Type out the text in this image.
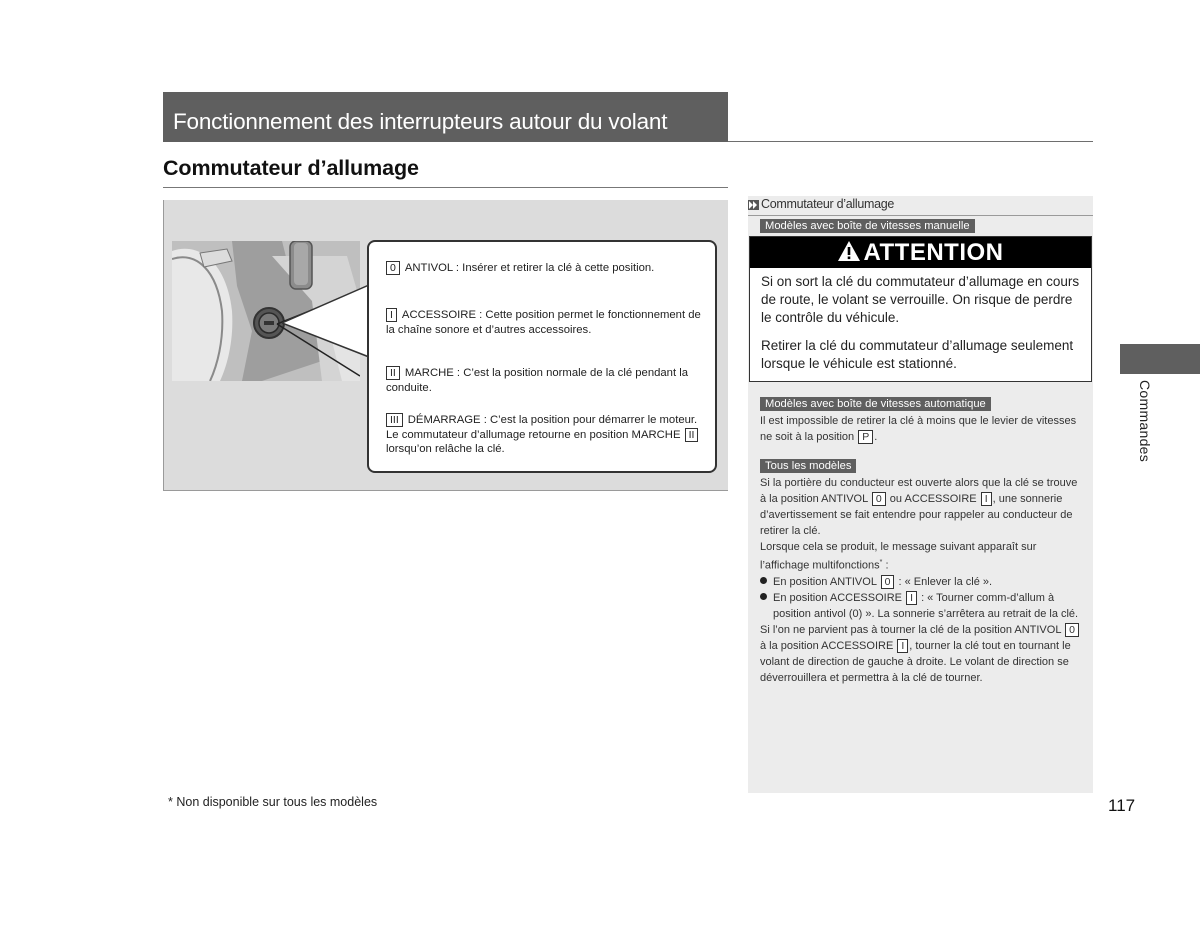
Fonctionnement des interrupteurs autour du volant
Commutateur d’allumage
0 ANTIVOL : Insérer et retirer la clé à cette position.
I ACCESSOIRE : Cette position permet le fonctionnement de la chaîne sonore et d’autres accessoires.
II MARCHE : C’est la position normale de la clé pendant la conduite.
III DÉMARRAGE : C’est la position pour démarrer le moteur. Le commutateur d’allumage retourne en position MARCHE II lorsqu’on relâche la clé.
Commutateur d’allumage
Modèles avec boîte de vitesses manuelle
ATTENTION
Si on sort la clé du commutateur d’allumage en cours de route, le volant se verrouille. On risque de perdre le contrôle du véhicule.
Retirer la clé du commutateur d’allumage seulement lorsque le véhicule est stationné.
Modèles avec boîte de vitesses automatique
Il est impossible de retirer la clé à moins que le levier de vitesses ne soit à la position P .
Tous les modèles

Si la portière du conducteur est ouverte alors que la clé se trouve à la position ANTIVOL 0 ou ACCESSOIRE I , une sonnerie d’avertissement se fait entendre pour rappeler au conducteur de retirer la clé.

Lorsque cela se produit, le message suivant apparaît sur l’affichage multifonctions* :

En position ANTIVOL 0 : « Enlever la clé ».

En position ACCESSOIRE I : « Tourner comm-d’allum à position antivol (0) ». La sonnerie s’arrêtera au retrait de la clé.

Si l’on ne parvient pas à tourner la clé de la position ANTIVOL 0 à la position ACCESSOIRE I , tourner la clé tout en tournant le volant de direction de gauche à droite. Le volant de direction se déverrouillera et permettra à la clé de tourner.

Commandes
* Non disponible sur tous les modèles	117
